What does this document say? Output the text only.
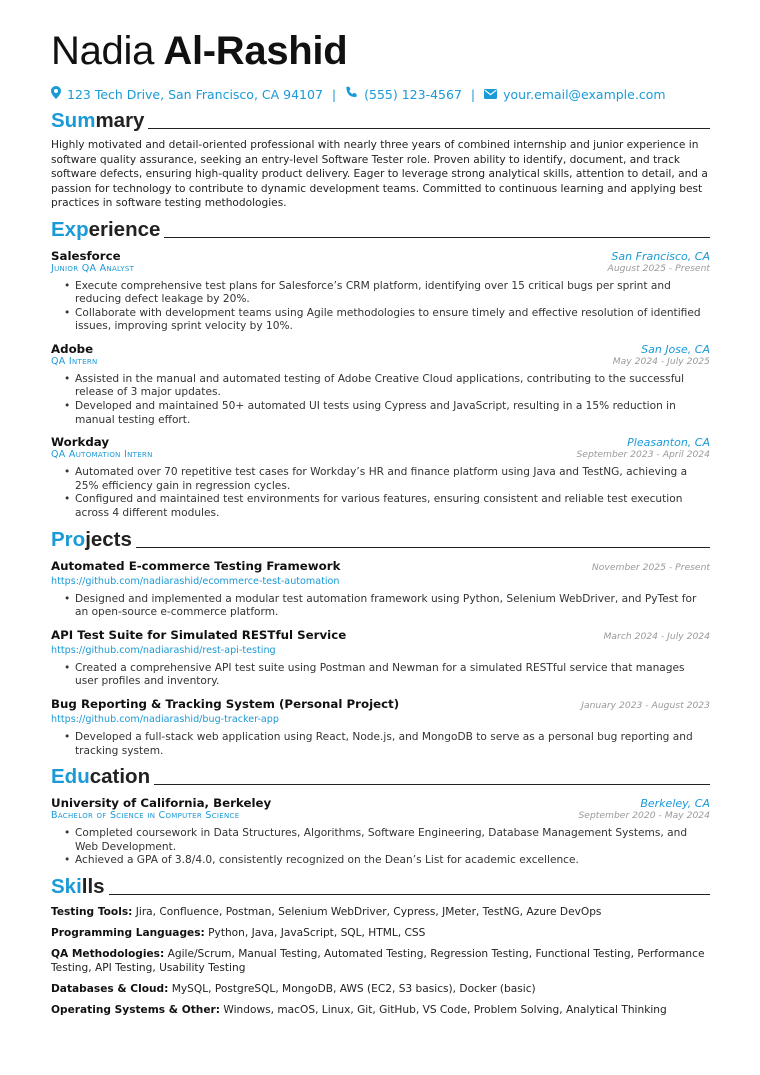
Nadia Al-Rashid
123 Tech Drive, San Francisco, CA 94107 | (555) 123-4567 | your.email@example.com
Summary

Highly motivated and detail-oriented professional with nearly three years of combined internship and junior experience in software quality assurance, seeking an entry-level Software Tester role. Proven ability to identify, document, and track software defects, ensuring high-quality product delivery. Eager to leverage strong analytical skills, attention to detail, and a passion for technology to contribute to dynamic development teams. Committed to continuous learning and applying best practices in software testing methodologies.

Experience
Salesforce	San Francisco, CA
Junior QA Analyst	August 2025 - Present
• Execute comprehensive test plans for Salesforce’s CRM platform, identifying over 15 critical bugs per sprint and reducing defect leakage by 20%.
• Collaborate with development teams using Agile methodologies to ensure timely and effective resolution of identified issues, improving sprint velocity by 10%.
Adobe	San Jose, CA
QA Intern	May 2024 - July 2025
• Assisted in the manual and automated testing of Adobe Creative Cloud applications, contributing to the successful release of 3 major updates.
• Developed and maintained 50+ automated UI tests using Cypress and JavaScript, resulting in a 15% reduction in manual testing effort.
Workday	Pleasanton, CA
QA Automation Intern	September 2023 - April 2024
• Automated over 70 repetitive test cases for Workday’s HR and finance platform using Java and TestNG, achieving a 25% efficiency gain in regression cycles.
• Configured and maintained test environments for various features, ensuring consistent and reliable test execution across 4 different modules.
Projects
Automated E-commerce Testing Framework	November 2025 - Present
https://github.com/nadiarashid/ecommerce-test-automation
• Designed and implemented a modular test automation framework using Python, Selenium WebDriver, and PyTest for an open-source e-commerce platform.
API Test Suite for Simulated RESTful Service	March 2024 - July 2024
https://github.com/nadiarashid/rest-api-testing
• Created a comprehensive API test suite using Postman and Newman for a simulated RESTful service that manages user profiles and inventory.
Bug Reporting & Tracking System (Personal Project)	January 2023 - August 2023
https://github.com/nadiarashid/bug-tracker-app
• Developed a full-stack web application using React, Node.js, and MongoDB to serve as a personal bug reporting and tracking system.
Education
University of California, Berkeley	Berkeley, CA
Bachelor of Science in Computer Science	September 2020 - May 2024
• Completed coursework in Data Structures, Algorithms, Software Engineering, Database Management Systems, and Web Development.
• Achieved a GPA of 3.8/4.0, consistently recognized on the Dean’s List for academic excellence.
Skills
Testing Tools: Jira, Confluence, Postman, Selenium WebDriver, Cypress, JMeter, TestNG, Azure DevOps
Programming Languages: Python, Java, JavaScript, SQL, HTML, CSS
QA Methodologies: Agile/Scrum, Manual Testing, Automated Testing, Regression Testing, Functional Testing, Performance Testing, API Testing, Usability Testing
Databases & Cloud: MySQL, PostgreSQL, MongoDB, AWS (EC2, S3 basics), Docker (basic)
Operating Systems & Other: Windows, macOS, Linux, Git, GitHub, VS Code, Problem Solving, Analytical Thinking
